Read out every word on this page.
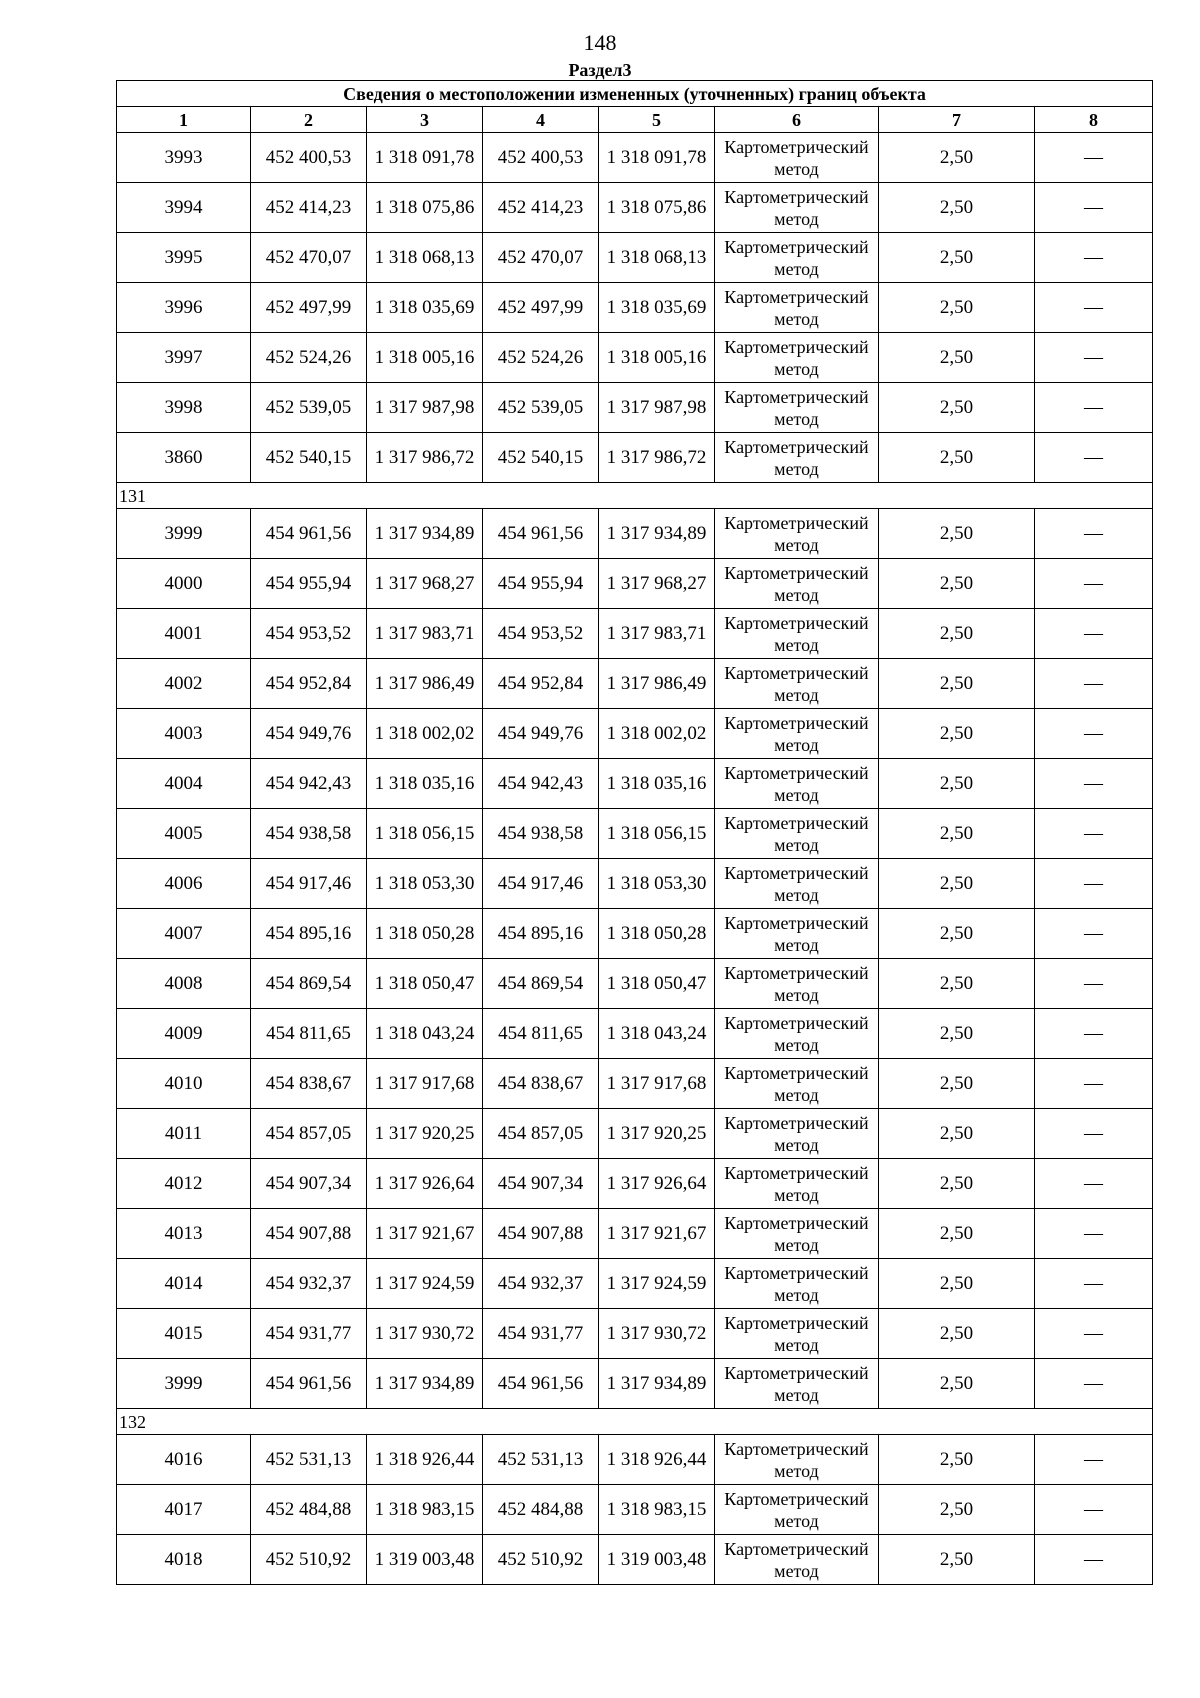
148
Раздел3
Сведения о местоположении измененных (уточненных) границ объекта							
1	2	3	4	5	6	7	8
3993	452 400,53	1 318 091,78	452 400,53	1 318 091,78	Картометрический метод	2,50	—
3994	452 414,23	1 318 075,86	452 414,23	1 318 075,86	Картометрический метод	2,50	—
3995	452 470,07	1 318 068,13	452 470,07	1 318 068,13	Картометрический метод	2,50	—
3996	452 497,99	1 318 035,69	452 497,99	1 318 035,69	Картометрический метод	2,50	—
3997	452 524,26	1 318 005,16	452 524,26	1 318 005,16	Картометрический метод	2,50	—
3998	452 539,05	1 317 987,98	452 539,05	1 317 987,98	Картометрический метод	2,50	—
3860	452 540,15	1 317 986,72	452 540,15	1 317 986,72	Картометрический метод	2,50	—
131							
3999	454 961,56	1 317 934,89	454 961,56	1 317 934,89	Картометрический метод	2,50	—
4000	454 955,94	1 317 968,27	454 955,94	1 317 968,27	Картометрический метод	2,50	—
4001	454 953,52	1 317 983,71	454 953,52	1 317 983,71	Картометрический метод	2,50	—
4002	454 952,84	1 317 986,49	454 952,84	1 317 986,49	Картометрический метод	2,50	—
4003	454 949,76	1 318 002,02	454 949,76	1 318 002,02	Картометрический метод	2,50	—
4004	454 942,43	1 318 035,16	454 942,43	1 318 035,16	Картометрический метод	2,50	—
4005	454 938,58	1 318 056,15	454 938,58	1 318 056,15	Картометрический метод	2,50	—
4006	454 917,46	1 318 053,30	454 917,46	1 318 053,30	Картометрический метод	2,50	—
4007	454 895,16	1 318 050,28	454 895,16	1 318 050,28	Картометрический метод	2,50	—
4008	454 869,54	1 318 050,47	454 869,54	1 318 050,47	Картометрический метод	2,50	—
4009	454 811,65	1 318 043,24	454 811,65	1 318 043,24	Картометрический метод	2,50	—
4010	454 838,67	1 317 917,68	454 838,67	1 317 917,68	Картометрический метод	2,50	—
4011	454 857,05	1 317 920,25	454 857,05	1 317 920,25	Картометрический метод	2,50	—
4012	454 907,34	1 317 926,64	454 907,34	1 317 926,64	Картометрический метод	2,50	—
4013	454 907,88	1 317 921,67	454 907,88	1 317 921,67	Картометрический метод	2,50	—
4014	454 932,37	1 317 924,59	454 932,37	1 317 924,59	Картометрический метод	2,50	—
4015	454 931,77	1 317 930,72	454 931,77	1 317 930,72	Картометрический метод	2,50	—
3999	454 961,56	1 317 934,89	454 961,56	1 317 934,89	Картометрический метод	2,50	—
132							
4016	452 531,13	1 318 926,44	452 531,13	1 318 926,44	Картометрический метод	2,50	—
4017	452 484,88	1 318 983,15	452 484,88	1 318 983,15	Картометрический метод	2,50	—
4018	452 510,92	1 319 003,48	452 510,92	1 319 003,48	Картометрический метод	2,50	—
